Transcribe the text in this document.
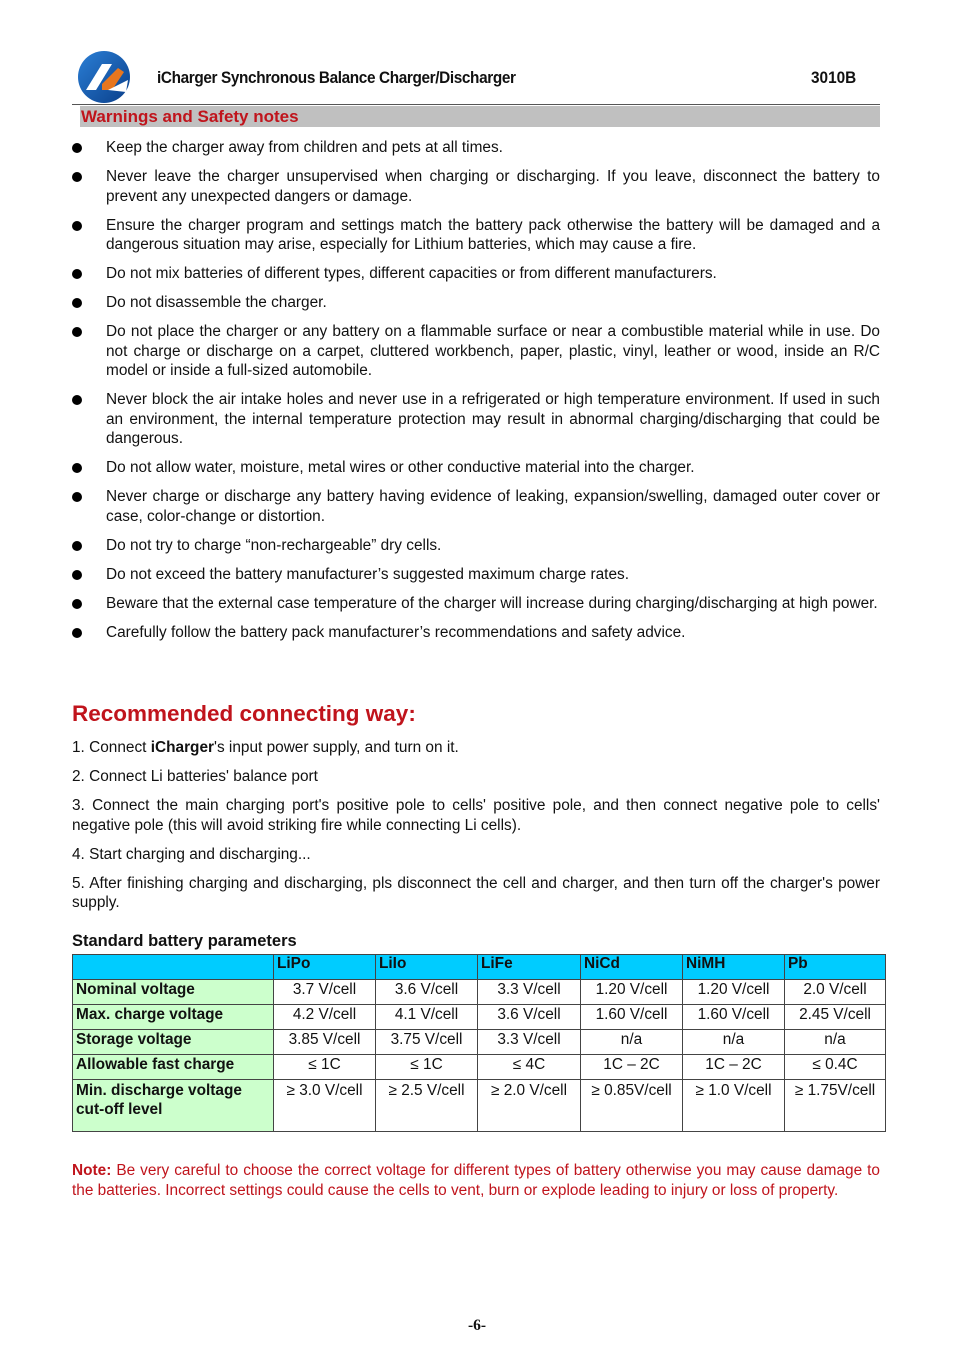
iCharger Synchronous Balance Charger/Discharger	3010B
Warnings and Safety notes
Keep the charger away from children and pets at all times.
Never leave the charger unsupervised when charging or discharging. If you leave, disconnect the battery to prevent any unexpected dangers or damage.
Ensure the charger program and settings match the battery pack otherwise the battery will be damaged and a dangerous situation may arise, especially for Lithium batteries, which may cause a fire.
Do not mix batteries of different types, different capacities or from different manufacturers.
Do not disassemble the charger.
Do not place the charger or any battery on a flammable surface or near a combustible material while in use. Do not charge or discharge on a carpet, cluttered workbench, paper, plastic, vinyl, leather or wood, inside an R/C model or inside a full-sized automobile.
Never block the air intake holes and never use in a refrigerated or high temperature environment. If used in such an environment, the internal temperature protection may result in abnormal charging/discharging that could be dangerous.
Do not allow water, moisture, metal wires or other conductive material into the charger.
Never charge or discharge any battery having evidence of leaking, expansion/swelling, damaged outer cover or case, color-change or distortion.
Do not try to charge “non-rechargeable” dry cells.
Do not exceed the battery manufacturer’s suggested maximum charge rates.
Beware that the external case temperature of the charger will increase during charging/discharging at high power.
Carefully follow the battery pack manufacturer’s recommendations and safety advice.
Recommended connecting way:

1. Connect iCharger's input power supply, and turn on it.

2. Connect Li batteries' balance port

3. Connect the main charging port's positive pole to cells' positive pole, and then connect negative pole to cells' negative pole (this will avoid striking fire while connecting Li cells).

4. Start charging and discharging...

5. After finishing charging and discharging, pls disconnect the cell and charger, and then turn off the charger's power supply.

Standard battery parameters
	LiPo	LiIo	LiFe	NiCd	NiMH	Pb
Nominal voltage	3.7 V/cell	3.6 V/cell	3.3 V/cell	1.20 V/cell	1.20 V/cell	2.0 V/cell
Max. charge voltage	4.2 V/cell	4.1 V/cell	3.6 V/cell	1.60 V/cell	1.60 V/cell	2.45 V/cell
Storage voltage	3.85 V/cell	3.75 V/cell	3.3 V/cell	n/a	n/a	n/a
Allowable fast charge	≤ 1C	≤ 1C	≤ 4C	1C – 2C	1C – 2C	≤ 0.4C
Min. discharge voltage cut-off level	≥ 3.0 V/cell	≥ 2.5 V/cell	≥ 2.0 V/cell	≥ 0.85V/cell	≥ 1.0 V/cell	≥ 1.75V/cell
Note: Be very careful to choose the correct voltage for different types of battery otherwise you may cause damage to the batteries. Incorrect settings could cause the cells to vent, burn or explode leading to injury or loss of property.
-6-
